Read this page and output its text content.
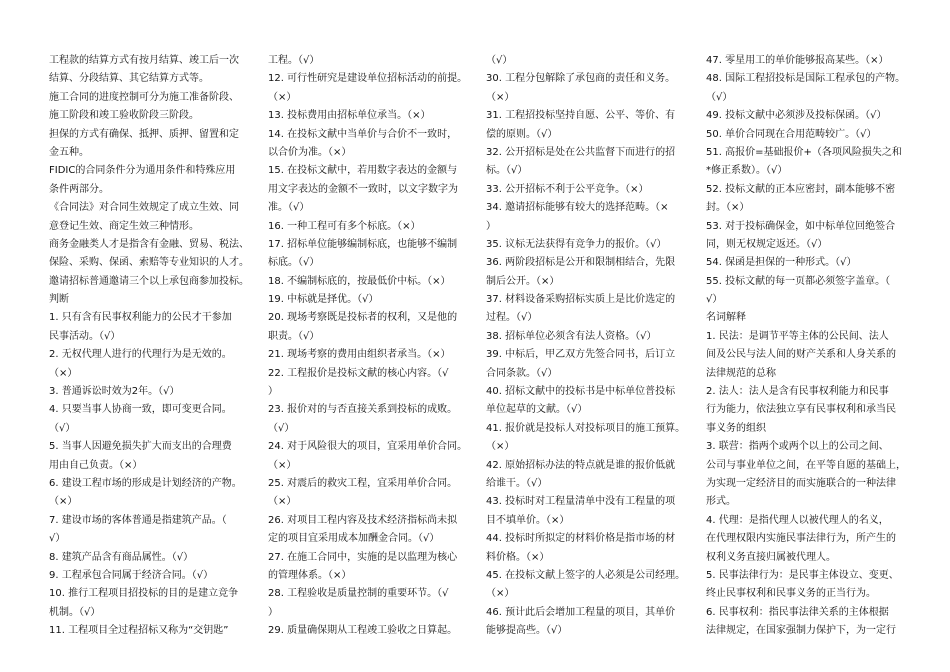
工程款的结算方式有按月结算、竣工后一次
结算、分段结算、其它结算方式等。
施工合同的进度控制可分为施工准备阶段、
施工阶段和竣工验收阶段三阶段。
担保的方式有确保、抵押、质押、留置和定
金五种。
FIDIC的合同条件分为通用条件和特殊应用
条件两部分。
《合同法》对合同生效规定了成立生效、同
意登记生效、商定生效三种情形。
商务金融类人才是指含有金融、贸易、税法、
保险、采购、保函、索赔等专业知识的人才。
邀请招标普通邀请三个以上承包商参加投标。
判断
1. 只有含有民事权利能力的公民才干参加
民事活动。（√）
2. 无权代理人进行的代理行为是无效的。
（×）
3. 普通诉讼时效为2年。（√）
4. 只要当事人协商一致，即可变更合同。
（√）
5. 当事人因避免损失扩大而支出的合理费
用由自己负责。（×）
6. 建设工程市场的形成是计划经济的产物。
（×）
7. 建设市场的客体普通是指建筑产品。（
√）
8. 建筑产品含有商品属性。（√）
9. 工程承包合同属于经济合同。（√）
10. 推行工程项目招投标的目的是建立竞争
机制。（√）
11. 工程项目全过程招标又称为“交钥匙”
工程。（√）
12. 可行性研究是建设单位招标活动的前提。
（×）
13. 投标费用由招标单位承当。（×）
14. 在投标文献中当单价与合价不一致时，
以合价为准。（×）
15. 在投标文献中，若用数字表达的金额与
用文字表达的金额不一致时，以文字数字为
准。（√）
16. 一种工程可有多个标底。（×）
17. 招标单位能够编制标底，也能够不编制
标底。（√）
18. 不编制标底的，按最低价中标。（×）
19. 中标就是择优。（√）
20. 现场考察既是投标者的权利，又是他的
职责。（√）
21. 现场考察的费用由组织者承当。（×）
22. 工程报价是投标文献的核心内容。（√
）
23. 报价对的与否直接关系到投标的成败。
（√）
24. 对于风险很大的项目，宜采用单价合同。
（×）
25. 对震后的救灾工程，宜采用单价合同。
（×）
26. 对项目工程内容及技术经济指标尚未拟
定的项目宜采用成本加酬金合同。（√）
27. 在施工合同中，实施的是以监理为核心
的管理体系。（×）
28. 工程验收是质量控制的重要环节。（√
）
29. 质量确保期从工程竣工验收之日算起。
（√）
30. 工程分包解除了承包商的责任和义务。
（×）
31. 工程招投标坚持自愿、公平、等价、有
偿的原则。（√）
32. 公开招标是处在公共监督下而进行的招
标。（√）
33. 公开招标不利于公平竞争。（×）
34. 邀请招标能够有较大的选择范畴。（×
）
35. 议标无法获得有竞争力的报价。（√）
36. 两阶段招标是公开和限制相结合，先限
制后公开。（×）
37. 材料设备采购招标实质上是比价选定的
过程。（√）
38. 招标单位必须含有法人资格。（√）
39. 中标后，甲乙双方先签合同书，后订立
合同条款。（√）
40. 招标文献中的投标书是中标单位普投标
单位起草的文献。（√）
41. 报价就是投标人对投标项目的施工预算。
（×）
42. 原始招标办法的特点就是谁的报价低就
给谁干。（√）
43. 投标时对工程量清单中没有工程量的项
目不填单价。（×）
44. 投标时所拟定的材料价格是指市场的材
料价格。（×）
45. 在投标文献上签字的人必须是公司经理。
（×）
46. 预计此后会增加工程量的项目，其单价
能够提高些。（√）
47. 零星用工的单价能够报高某些。（×）
48. 国际工程招投标是国际工程承包的产物。
（√）
49. 投标文献中必须涉及投标保函。（√）
50. 单价合同现在合用范畴较广。（√）
51. 高报价=基础报价+（各项风险损失之和
*修正系数）。（√）
52. 投标文献的正本应密封，副本能够不密
封。（×）
53. 对于投标确保金，如中标单位回绝签合
同，则无权规定返还。（√）
54. 保函是担保的一种形式。（√）
55. 投标文献的每一页都必须签字盖章。（
√）
名词解释
1. 民法：是调节平等主体的公民间、法人
间及公民与法人间的财产关系和人身关系的
法律规范的总称
2. 法人：法人是含有民事权利能力和民事
行为能力，依法独立享有民事权利和承当民
事义务的组织
3. 联营：指两个或两个以上的公司之间、
公司与事业单位之间，在平等自愿的基础上，
为实现一定经济目的而实施联合的一种法律
形式。
4. 代理：是指代理人以被代理人的名义，
在代理权限内实施民事法律行为，所产生的
权利义务直接归属被代理人。
5. 民事法律行为：是民事主体设立、变更、
终止民事权利和民事义务的正当行为。
6. 民事权利：指民事法律关系的主体根据
法律规定，在国家强制力保护下，为一定行
